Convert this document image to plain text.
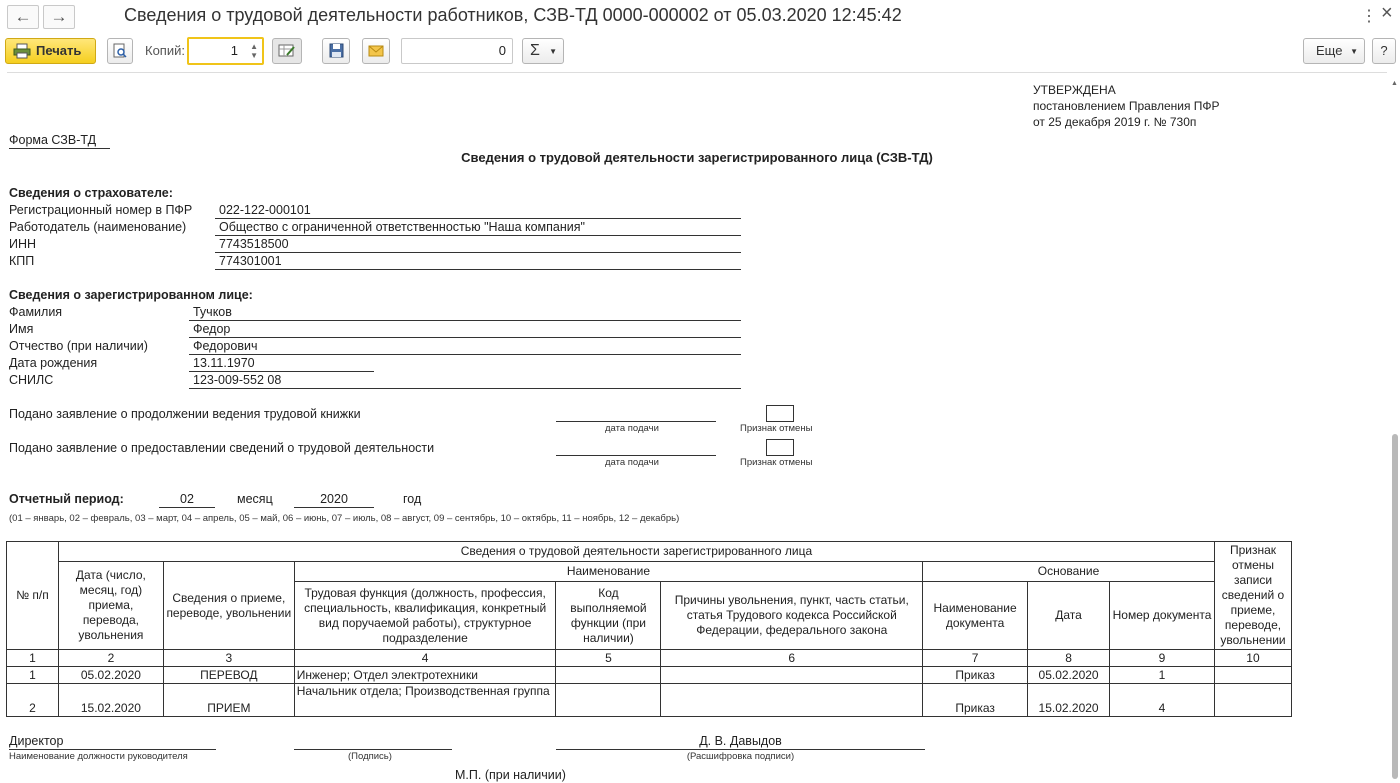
←	→	Сведения о трудовой деятельности работников, СЗВ-ТД 0000-000002 от 05.03.2020 12:45:42	⋮ ×
Печать	Копий:	1 ▲
▼	0	Σ ▼	Еще ▼	?
УТВЕРЖДЕНА
постановлением Правления ПФР
от 25 декабря 2019 г. № 730п
Форма СЗВ-ТД
Сведения о трудовой деятельности зарегистрированного лица (СЗВ-ТД)
Сведения о страхователе:
Регистрационный номер в ПФР 022-122-000101
Работодатель (наименование)	Общество с ограниченной ответственностью "Наша компания"
ИНН	7743518500
КПП	774301001
Сведения о зарегистрированном лице:
Фамилия	Тучков
Имя	Федор
Отчество (при наличии)	Федорович
Дата рождения	13.11.1970
СНИЛС	123-009-552 08
Подано заявление о продолжении ведения трудовой книжки
дата подачи	Признак отмены
Подано заявление о предоставлении сведений о трудовой деятельности
дата подачи	Признак отмены
Отчетный период:	02	месяц	2020	год
(01 – январь, 02 – февраль, 03 – март, 04 – апрель, 05 – май, 06 – июнь, 07 – июль, 08 – август, 09 – сентябрь, 10 – октябрь, 11 – ноябрь, 12 – декабрь)
№ п/п	Сведения о трудовой деятельности зарегистрированного лица								Признак отмены записи сведений о приеме, переводе, увольнении
	Дата (число, месяц, год) приема, перевода, увольнения	Сведения о приеме, переводе, увольнении	Наименование			Основание			
			Трудовая функция (должность, профессия, специальность, квалификация, конкретный вид поручаемой работы), структурное подразделение	Код выполняемой функции (при наличии)	Причины увольнения, пункт, часть статьи, статья Трудового кодекса Российской Федерации, федерального закона	Наименование документа	Дата	Номер документа	
1	2	3	4	5	6	7	8	9	10
1	05.02.2020	ПЕРЕВОД	Инженер; Отдел электротехники			Приказ	05.02.2020	1	
2	15.02.2020	ПРИЕМ	Начальник отдела; Производственная группа			Приказ	15.02.2020	4	
Директор
Наименование должности руководителя	(Подпись)
Д. В. Давыдов
(Расшифровка подписи)
М.П. (при наличии)
▲
